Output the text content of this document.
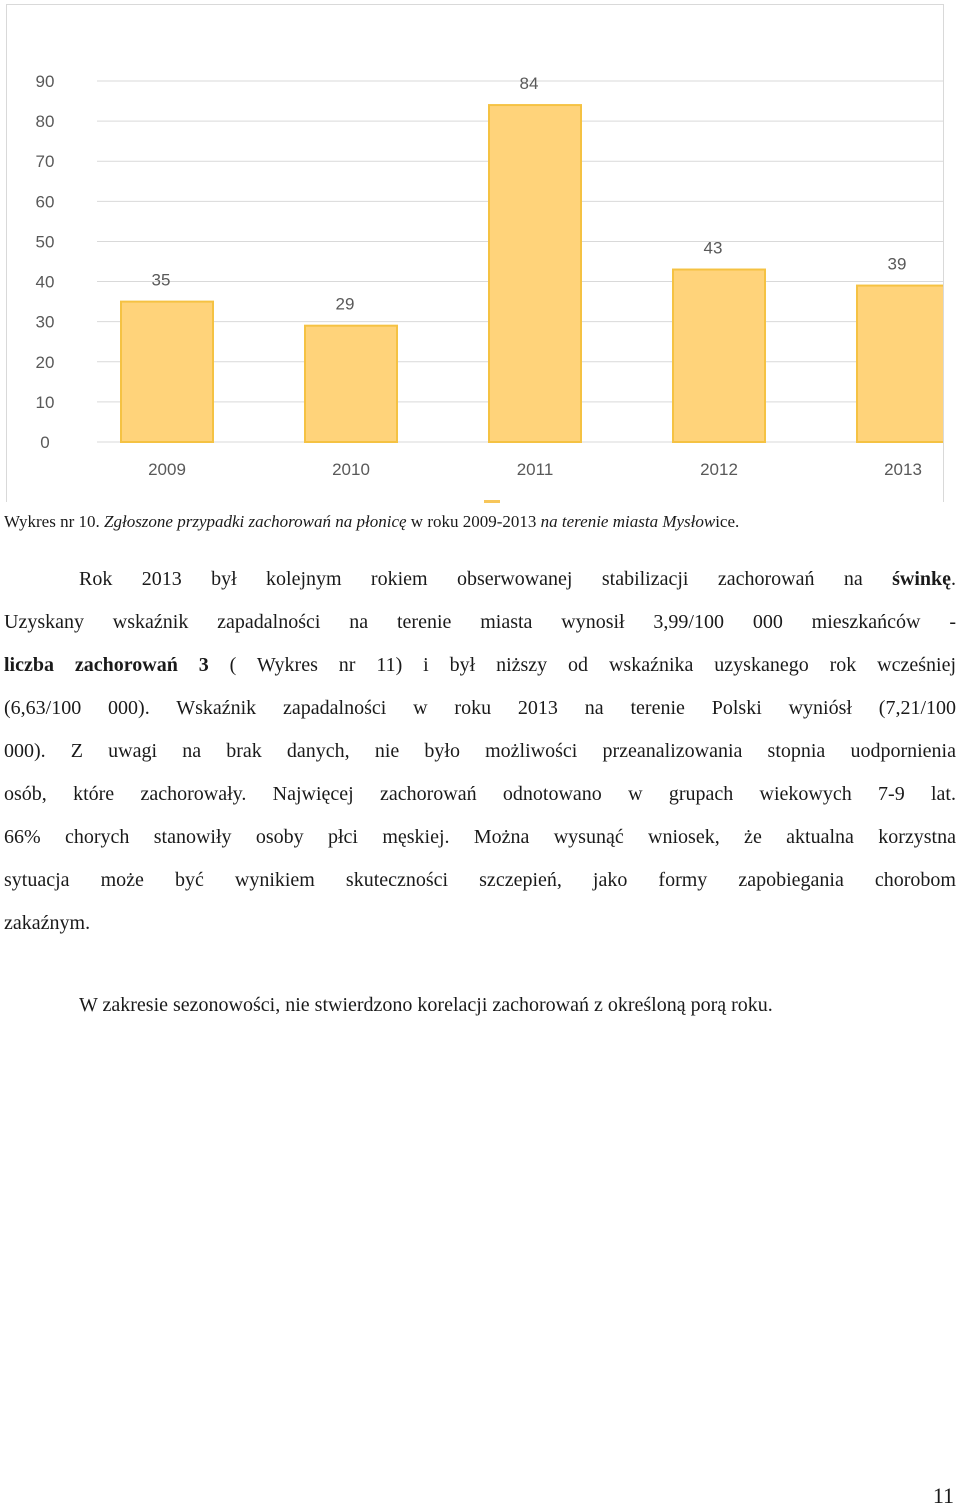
0
10
20
30
40
50
60
70
80
90
35
2009
29
2010
84
2011
43
2012
39
2013
Wykres nr 10. Zgłoszone przypadki zachorowań na płonicę w roku 2009-2013 na terenie miasta Mysłowice.
Rok 2013 był kolejnym rokiem obserwowanej stabilizacji zachorowań na świnkę.
Uzyskany wskaźnik zapadalności na terenie miasta wynosił 3,99/100 000 mieszkańców -
liczba zachorowań 3 ( Wykres nr 11) i był niższy od wskaźnika uzyskanego rok wcześniej
(6,63/100 000). Wskaźnik zapadalności w roku 2013 na terenie Polski wyniósł (7,21/100
000). Z uwagi na brak danych, nie było możliwości przeanalizowania stopnia uodpornienia
osób, które zachorowały. Najwięcej zachorowań odnotowano w grupach wiekowych 7-9 lat.
66% chorych stanowiły osoby płci męskiej. Można wysunąć wniosek, że aktualna korzystna
sytuacja może być wynikiem skuteczności szczepień, jako formy zapobiegania chorobom
zakaźnym.
W zakresie sezonowości, nie stwierdzono korelacji zachorowań z określoną porą roku.
11
